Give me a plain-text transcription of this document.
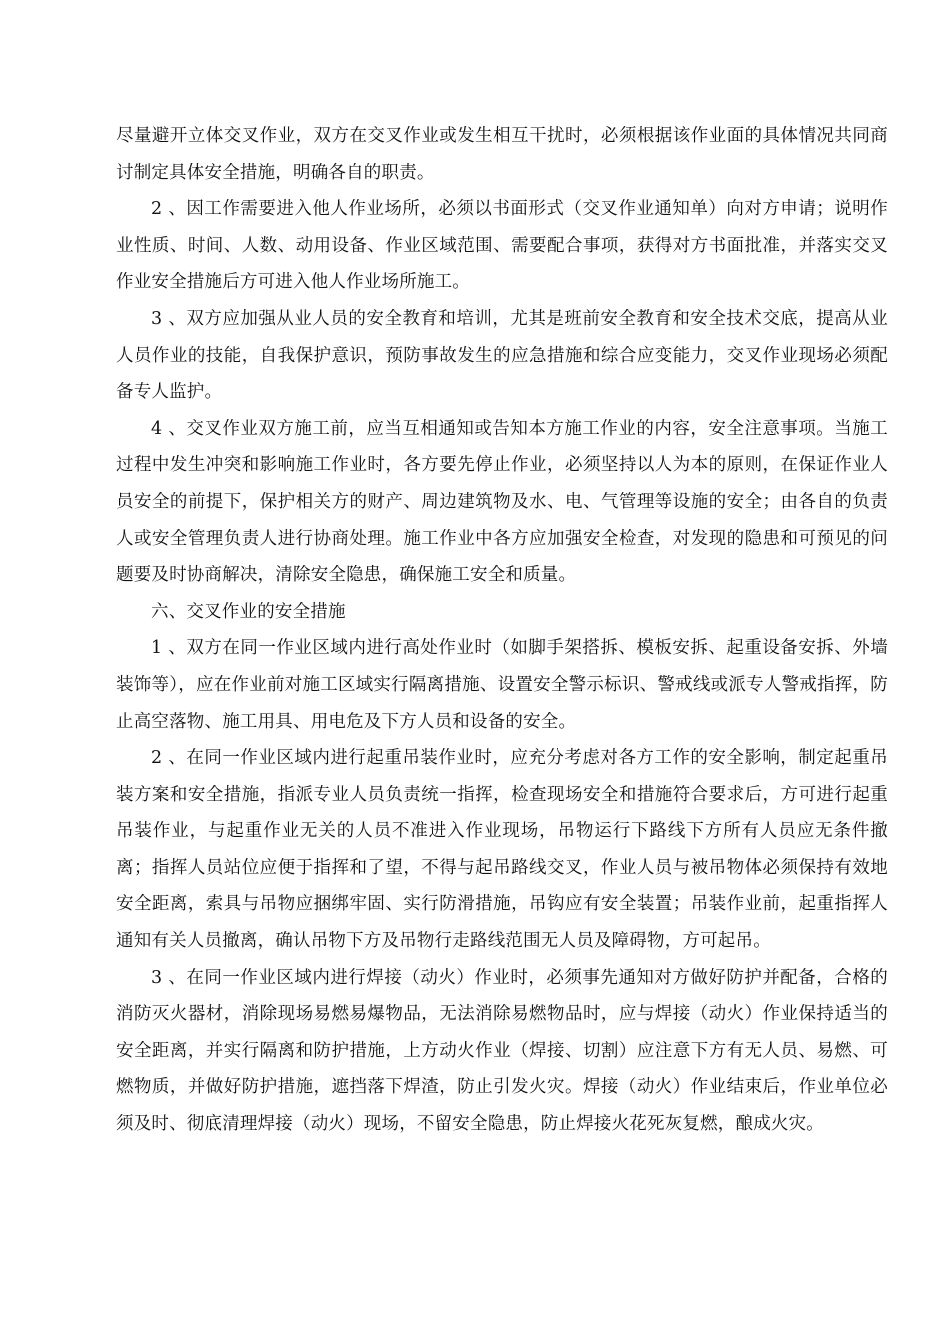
尽量避开立体交叉作业，双方在交叉作业或发生相互干扰时，必须根据该作业面的具体情况共同商讨制定具体安全措施，明确各自的职责。

2 、因工作需要进入他人作业场所，必须以书面形式（交叉作业通知单）向对方申请；说明作业性质、时间、人数、动用设备、作业区域范围、需要配合事项，获得对方书面批准，并落实交叉作业安全措施后方可进入他人作业场所施工。

3 、双方应加强从业人员的安全教育和培训，尤其是班前安全教育和安全技术交底，提高从业人员作业的技能，自我保护意识，预防事故发生的应急措施和综合应变能力，交叉作业现场必须配备专人监护。

4 、交叉作业双方施工前，应当互相通知或告知本方施工作业的内容，安全注意事项。当施工过程中发生冲突和影响施工作业时，各方要先停止作业，必须坚持以人为本的原则，在保证作业人员安全的前提下，保护相关方的财产、周边建筑物及水、电、气管理等设施的安全；由各自的负责人或安全管理负责人进行协商处理。施工作业中各方应加强安全检查，对发现的隐患和可预见的问题要及时协商解决，清除安全隐患，确保施工安全和质量。

六、交叉作业的安全措施

1 、双方在同一作业区域内进行高处作业时（如脚手架搭拆、模板安拆、起重设备安拆、外墙装饰等），应在作业前对施工区域实行隔离措施、设置安全警示标识、警戒线或派专人警戒指挥，防止高空落物、施工用具、用电危及下方人员和设备的安全。

2 、在同一作业区域内进行起重吊装作业时，应充分考虑对各方工作的安全影响，制定起重吊装方案和安全措施，指派专业人员负责统一指挥，检查现场安全和措施符合要求后，方可进行起重吊装作业，与起重作业无关的人员不准进入作业现场，吊物运行下路线下方所有人员应无条件撤离；指挥人员站位应便于指挥和了望，不得与起吊路线交叉，作业人员与被吊物体必须保持有效地安全距离，索具与吊物应捆绑牢固、实行防滑措施，吊钩应有安全装置；吊装作业前，起重指挥人通知有关人员撤离，确认吊物下方及吊物行走路线范围无人员及障碍物，方可起吊。

3 、在同一作业区域内进行焊接（动火）作业时，必须事先通知对方做好防护并配备，合格的消防灭火器材，消除现场易燃易爆物品，无法消除易燃物品时，应与焊接（动火）作业保持适当的安全距离，并实行隔离和防护措施，上方动火作业（焊接、切割）应注意下方有无人员、易燃、可燃物质，并做好防护措施，遮挡落下焊渣，防止引发火灾。焊接（动火）作业结束后，作业单位必须及时、彻底清理焊接（动火）现场，不留安全隐患，防止焊接火花死灰复燃，酿成火灾。
